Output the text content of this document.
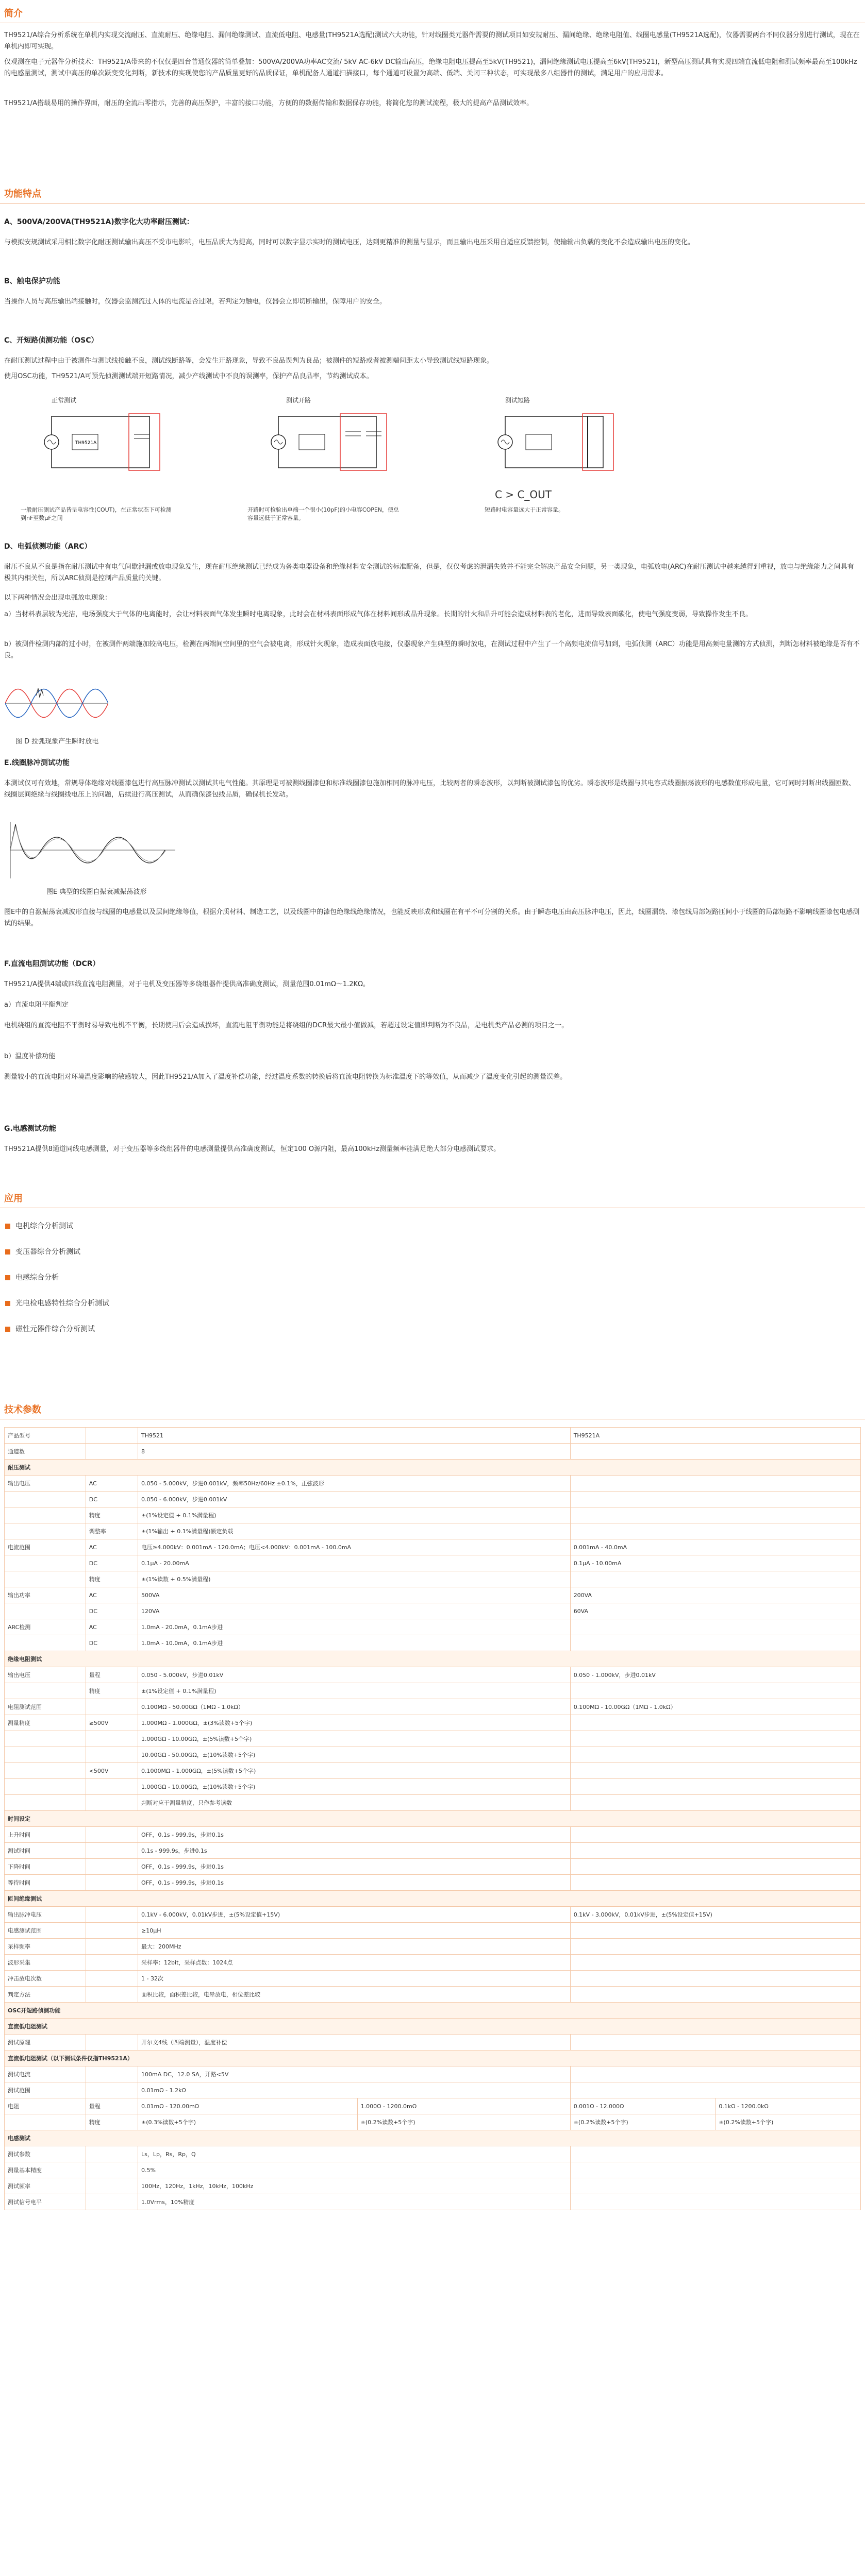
简介
TH9521/A综合分析系统在单机内实现交流耐压、直流耐压、绝缘电阻、漏间绝缘测试、直流低电阻、电感量(TH9521A选配)测试六大功能，针对线圈类元器件需要的测试项目如安规耐压、漏间绝缘、绝缘电阻值、线圈电感量(TH9521A选配)，仪器需要两台不同仪器分别进行测试，现在在单机内即可实现。
仅观测在电子元器件分析技术：TH9521/A带来的不仅仅是四台普通仪器的简单叠加：500VA/200VA功率AC交流/ 5kV AC-6kV DC输出高压，绝缘电阻电压提高至5kV(TH9521)，漏间绝缘测试电压提高至6kV(TH9521)，新型高压测试具有实现四端直流低电阻和测试频率最高至100kHz的电感量测试，测试中高压的单次跃变变化判断，新技术的实现使您的产品质量更好的品质保证，单机配备人通道扫描接口，每个通道可设置为高端、低端、关闭三种状态，可实现最多八组器件的测试，满足用户的应用需求。
TH9521/A搭载易用的操作界面，耐压的全流出零指示，完善的高压保护，丰富的接口功能，方便的的数据传输和数据保存功能，将简化您的测试流程，极大的提高产品测试效率。
功能特点
A、500VA/200VA(TH9521A)数字化大功率耐压测试：
与模拟安规测试采用相比数字化耐压测试输出高压不受市电影响，电压品质大为提高，同时可以数字显示实时的测试电压，达到更精准的测量与显示，而且输出电压采用自适应反馈控制，使输输出负载的变化不会造成输出电压的变化。
B、触电保护功能
当操作人员与高压输出端接触时，仪器会监测流过人体的电流是否过限，若判定为触电，仪器会立即切断输出，保障用户的安全。
C、开短路侦测功能（OSC）
在耐压测试过程中由于被测件与测试线接触不良，测试线断路等，会发生开路现象，导致不良品误判为良品；被测件的短路或者被测端间距太小导致测试线短路现象。
使用OSC功能，TH9521/A可预先侦测测试端开短路情况，减少产线测试中不良的误测率，保护产品良品率，节约测试成本。
正常测试	测试开路	测试短路
TH9521A
C > C_OUT
一般耐压测试产品皆呈电容性(COUT)，在正常状态下可检测到nF至数μF之间
开路时可检验出单端一个很小(10pF)的小电容COPEN，使总容量远低于正常容量。
短路时电容量远大于正常容量。
D、电弧侦测功能（ARC）
耐压不良从不良是指在耐压测试中有电气间歇泄漏或放电现象发生，现在耐压绝缘测试已经成为备类电器设备和绝缘材料安全测试的标准配备，但是，仅仅考虑的泄漏失效并不能完全解决产品安全问题，另一类现象，电弧放电(ARC)在耐压测试中越来越得到重视，放电与绝缘能力之间具有极其内相关性，所以ARC侦测是控制产品质量的关键。
以下两种情况会出现电弧放电现象：
a）当材料表层较为光洁，电场强度大于气体的电离能时，会让材料表面气体发生瞬时电离现象，此时会在材料表面形成气体在材料间形成晶升现象。长期的针火和晶升可能会造成材料表的老化，进而导致表面碳化，使电气强度变弱，导致操作发生不良。
b）被测件检测内部的过小时，在被测件两端施加较高电压，检测在两端间空间里的空气会被电离，形成针火现象，造成表面放电接，仪器现象产生典型的瞬时放电，在测试过程中产生了一个高频电流信号加到，电弧侦测（ARC）功能是用高频电量测的方式侦测，判断怎材料被绝缘是否有不良。
图 D 拉弧现象产生瞬时放电
E.线圈脉冲测试功能
本测试仅可有效地，常规导体绝缘对线圈漆包进行高压脉冲测试以测试其电气性能。其原理是可被测线圈漆包和标准线圈漆包施加相同的脉冲电压，比较两者的瞬态波形，以判断被测试漆包的优劣。瞬态波形是线圈与其电容式线圈振荡波形的电感数值形成电量，它可同时判断出线圈匝数、线圈层间绝缘与线圈线电压上的问题，后续进行高压测试，从而确保漆包线品质，确保机长发动。
图E 典型的线圈自振衰减振荡波形
图E中的自激振荡衰减波形直接与线圈的电感量以及层间绝缘等值，根据介质材料、制造工艺，以及线圈中的漆包绝缘线绝缘情况，也能反映形成和线圈在有平不可分割的关系。由于瞬态电压由高压脉冲电压，因此，线圈漏绕、漆包线局部短路匝间小于线圈的局部短路不影响线圈漆包电感测试的结果。
F.直流电阻测试功能（DCR）
TH9521/A提供4端或四线直流电阻测量，对于电机及变压器等多绕组器件提供高准确度测试，测量范围0.01mΩ～1.2KΩ。
a）直流电阻平衡判定
电机绕组的直流电阻不平衡时易导致电机不平衡，长期使用后会造成损坏，直流电阻平衡功能是将绕组的DCR最大最小值做减，若超过设定值即判断为不良品，是电机类产品必测的项目之一。
b）温度补偿功能
测量较小的直流电阻对环境温度影响的敏感较大，因此TH9521/A加入了温度补偿功能，经过温度系数的转换后将直流电阻转换为标准温度下的等效值，从而减少了温度变化引起的测量误差。
G.电感测试功能
TH9521A提供8通道同线电感测量，对于变压器等多绕组器件的电感测量提供高准确度测试，恒定100 O源内阻，最高100kHz测量频率能满足绝大部分电感测试要求。
应用
电机综合分析测试
变压器综合分析测试
电感综合分析
光电检电感特性综合分析测试
磁性元器件综合分析测试
技术参数
产品型号		TH9521		TH9521A	
通道数		8			
耐压测试					
输出电压	AC	0.050 - 5.000kV，步进0.001kV，频率50Hz/60Hz ±0.1%，正弦波形			
	DC	0.050 - 6.000kV，步进0.001kV			
	精度	±(1%设定值 + 0.1%满量程)			
	调整率	±(1%输出 + 0.1%满量程)额定负载			
电流范围	AC	电压≥4.000kV：0.001mA - 120.0mA；电压<4.000kV：0.001mA - 100.0mA		0.001mA - 40.0mA	
	DC	0.1μA - 20.00mA		0.1μA - 10.00mA	
	精度	±(1%读数 + 0.5%满量程)			
输出功率	AC	500VA		200VA	
	DC	120VA		60VA	
ARC检测	AC	1.0mA - 20.0mA，0.1mA步进			
	DC	1.0mA - 10.0mA，0.1mA步进			
绝缘电阻测试					
输出电压	量程	0.050 - 5.000kV，步进0.01kV		0.050 - 1.000kV，步进0.01kV	
	精度	±(1%设定值 + 0.1%满量程)			
电阻测试范围		0.100MΩ - 50.00GΩ（1MΩ - 1.0kΩ）		0.100MΩ - 10.00GΩ（1MΩ - 1.0kΩ）	
测量精度	≥500V	1.000MΩ - 1.000GΩ，±(3%读数+5个字)			
		1.000GΩ - 10.00GΩ，±(5%读数+5个字)			
		10.00GΩ - 50.00GΩ，±(10%读数+5个字)			
	<500V	0.1000MΩ - 1.000GΩ，±(5%读数+5个字)			
		1.000GΩ - 10.00GΩ，±(10%读数+5个字)			
		判断对应于测量精度，只作参考读数			
时间设定					
上升时间		OFF，0.1s - 999.9s，步进0.1s			
测试时间		0.1s - 999.9s，步进0.1s			
下降时间		OFF，0.1s - 999.9s，步进0.1s			
等待时间		OFF，0.1s - 999.9s，步进0.1s			
匝间绝缘测试					
输出脉冲电压		0.1kV - 6.000kV，0.01kV步进，±(5%设定值+15V)		0.1kV - 3.000kV，0.01kV步进，±(5%设定值+15V)	
电感测试范围		≥10μH			
采样频率		最大：200MHz			
波形采集		采样率：12bit，采样点数：1024点			
冲击放电次数		1 - 32次			
判定方法		面积比较，面积差比较，电晕放电，相位差比较			
OSC开短路侦测功能					
直流低电阻测试					
测试原理		开尔文4线（四端测量），温度补偿			
直流低电阻测试（以下测试条件仅指TH9521A）					
测试电流		100mA DC，12.0 SA，开路<5V			
测试范围		0.01mΩ - 1.2kΩ			
电阻	量程	0.01mΩ - 120.00mΩ	1.000Ω - 1200.0mΩ	0.001Ω - 12.000Ω	0.1kΩ - 1200.0kΩ
	精度	±(0.3%读数+5个字)	±(0.2%读数+5个字)	±(0.2%读数+5个字)	±(0.2%读数+5个字)
电感测试					
测试参数		Ls，Lp，Rs，Rp，Q			
测量基本精度		0.5%			
测试频率		100Hz，120Hz，1kHz，10kHz，100kHz			
测试信号电平		1.0Vrms，10%精度			
